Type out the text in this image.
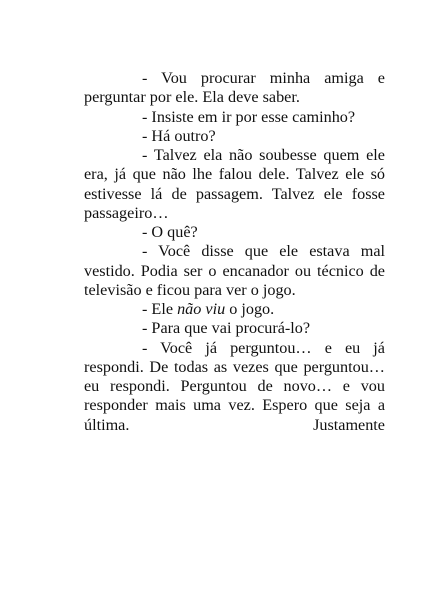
- Vou procurar minha amiga e perguntar por ele. Ela deve saber.

- Insiste em ir por esse caminho?

- Há outro?

- Talvez ela não soubesse quem ele era, já que não lhe falou dele. Talvez ele só estivesse lá de passagem. Talvez ele fosse passageiro…

- O quê?

- Você disse que ele estava mal vestido. Podia ser o encanador ou técnico de televisão e ficou para ver o jogo.

- Ele não viu o jogo.

- Para que vai procurá-lo?

- Você já perguntou… e eu já respondi. De todas as vezes que perguntou… eu respondi. Perguntou de novo… e vou responder mais uma vez. Espero que seja a última. Justamente
